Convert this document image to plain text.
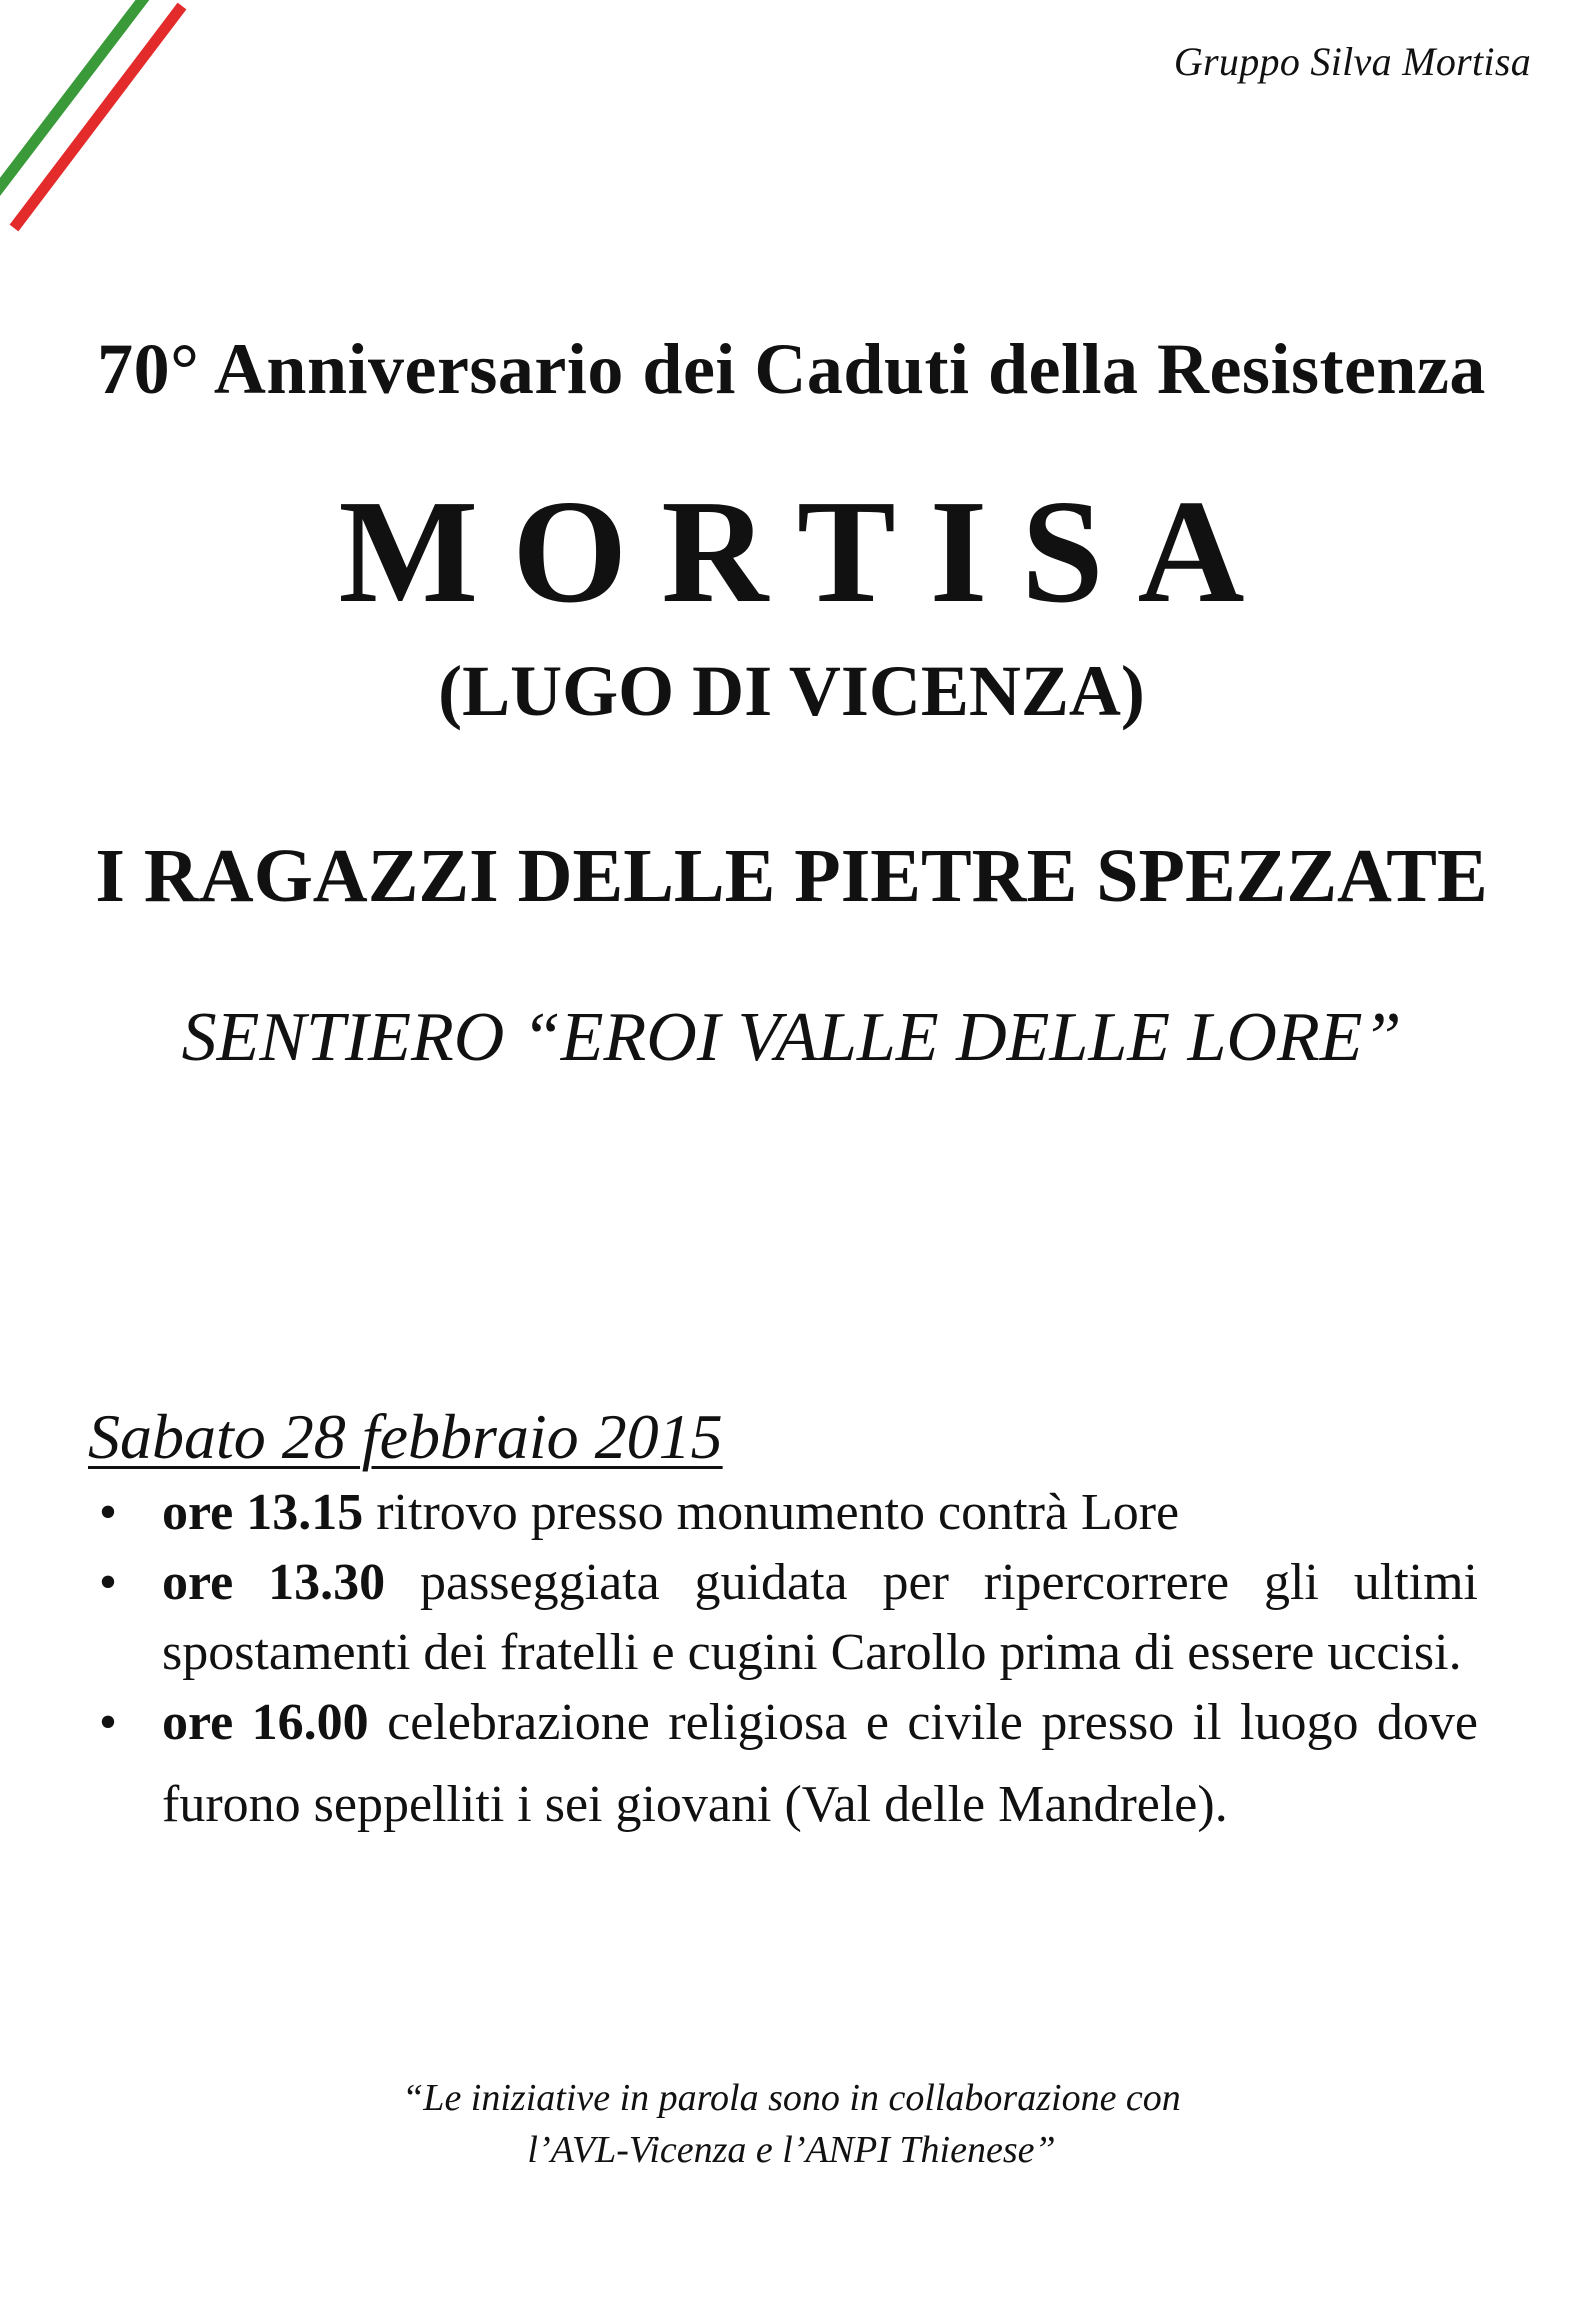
Gruppo Silva Mortisa
70° Anniversario dei Caduti della Resistenza
MORTISA
(LUGO DI VICENZA)
I RAGAZZI DELLE PIETRE SPEZZATE
SENTIERO “EROI VALLE DELLE LORE”
Sabato 28 febbraio 2015
• ore 13.15 ritrovo presso monumento contrà Lore
• ore 13.30 passeggiata guidata per ripercorrere gli ultimi spostamenti dei fratelli e cugini Carollo prima di essere uccisi.
• ore 16.00 celebrazione religiosa e civile presso il luogo dove furono seppelliti i sei giovani (Val delle Mandrele).
“Le iniziative in parola sono in collaborazione con
l’AVL-Vicenza e l’ANPI Thienese”
